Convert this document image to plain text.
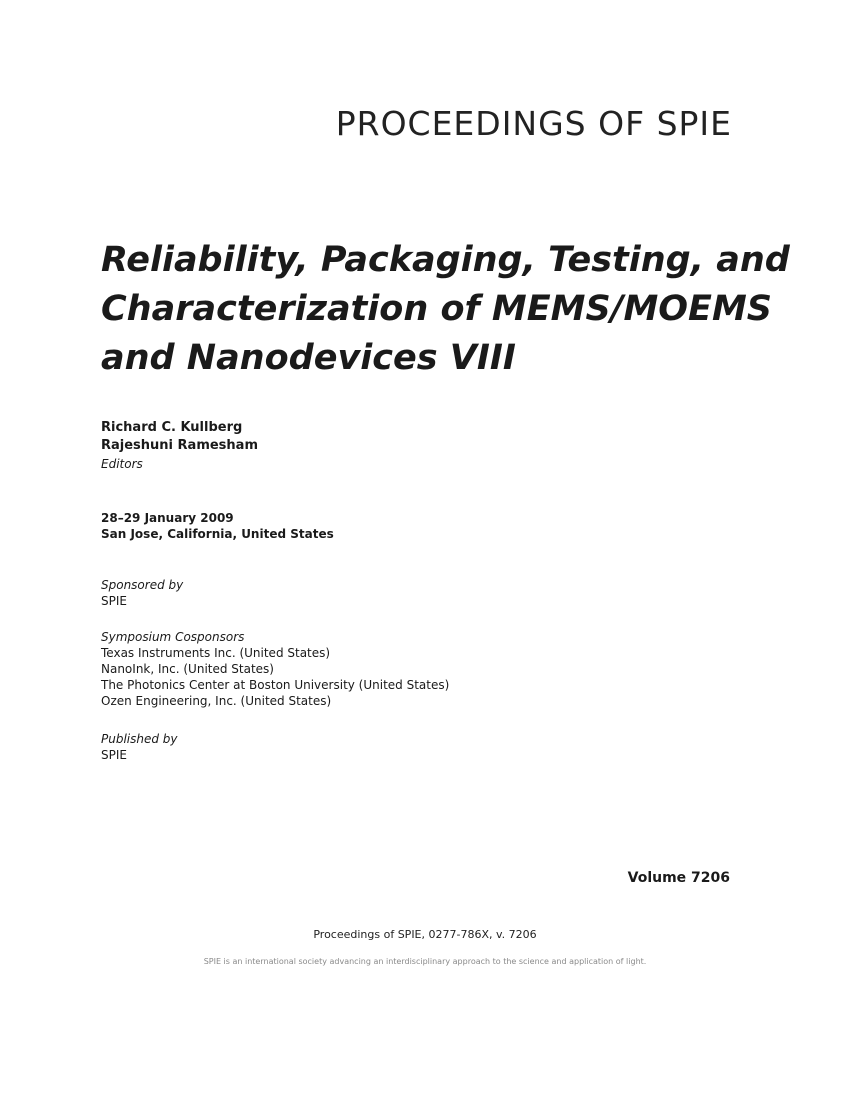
PROCEEDINGS OF SPIE
Reliability, Packaging, Testing, and
Characterization of MEMS/MOEMS
and Nanodevices VIII
Richard C. Kullberg
Rajeshuni Ramesham
Editors
28–29 January 2009
San Jose, California, United States
Sponsored by
SPIE
Symposium Cosponsors
Texas Instruments Inc. (United States)
NanoInk, Inc. (United States)
The Photonics Center at Boston University (United States)
Ozen Engineering, Inc. (United States)
Published by
SPIE
Volume 7206
Proceedings of SPIE, 0277-786X, v. 7206
SPIE is an international society advancing an interdisciplinary approach to the science and application of light.
